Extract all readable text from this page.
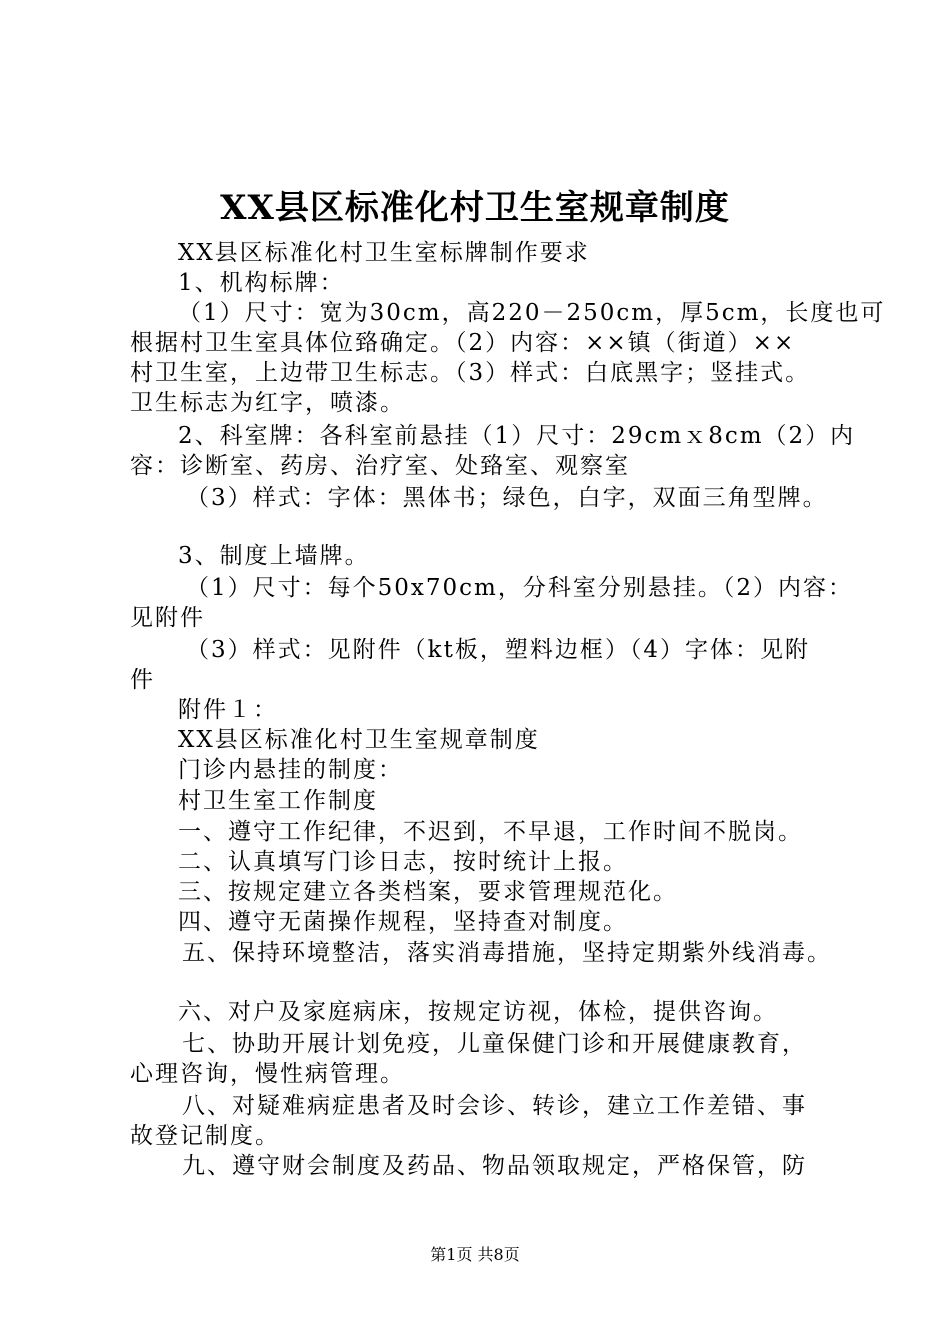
XX县区标准化村卫生室规章制度

XX县区标准化村卫生室标牌制作要求

1、机构标牌：

（1）尺寸：宽为30cm，高220－250cm，厚5cm，长度也可

根据村卫生室具体位臵确定。（2）内容：××镇（街道）××

村卫生室，上边带卫生标志。（3）样式：白底黑字；竖挂式。

卫生标志为红字，喷漆。

2、科室牌：各科室前悬挂（1）尺寸：29cmｘ8cm（2）内

容：诊断室、药房、治疗室、处臵室、观察室

（3）样式：字体：黑体书；绿色，白字，双面三角型牌。

3、制度上墙牌。

（1）尺寸：每个50x70cm，分科室分别悬挂。（2）内容：

见附件

（3）样式：见附件（kt板，塑料边框）（4）字体：见附

件

附件１：

XX县区标准化村卫生室规章制度

门诊内悬挂的制度：

村卫生室工作制度

一、遵守工作纪律，不迟到，不早退，工作时间不脱岗。

二、认真填写门诊日志，按时统计上报。

三、按规定建立各类档案，要求管理规范化。

四、遵守无菌操作规程，坚持查对制度。

五、保持环境整洁，落实消毒措施，坚持定期紫外线消毒。

六、对户及家庭病床，按规定访视，体检，提供咨询。

七、协助开展计划免疫，儿童保健门诊和开展健康教育，

心理咨询，慢性病管理。

八、对疑难病症患者及时会诊、转诊，建立工作差错、事

故登记制度。

九、遵守财会制度及药品、物品领取规定，严格保管，防

第1页 共8页
